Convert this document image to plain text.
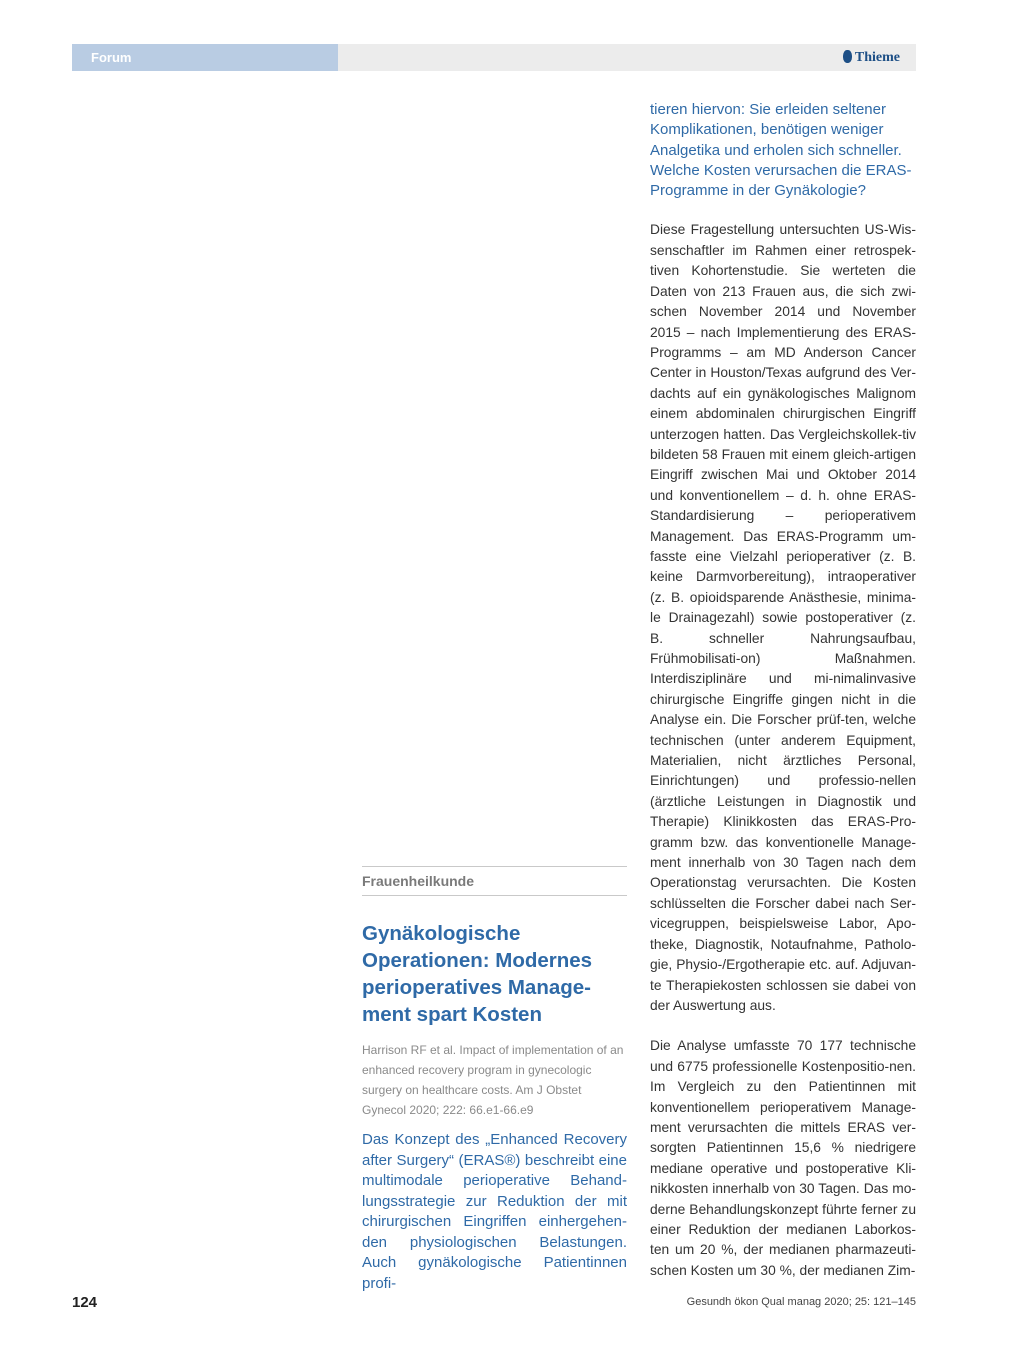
Forum	Thieme
Frauenheilkunde
Gynäkologische Operationen: Modernes perioperatives Manage-ment spart Kosten
Harrison RF et al. Impact of implementation of an enhanced recovery program in gynecologic surgery on healthcare costs. Am J Obstet Gynecol 2020; 222: 66.e1-66.e9
Das Konzept des „Enhanced Recovery after Surgery“ (ERAS®) beschreibt eine multimodale perioperative Behand-lungsstrategie zur Reduktion der mit chirurgischen Eingriffen einhergehen-den physiologischen Belastungen. Auch gynäkologische Patientinnen profi-
tieren hiervon: Sie erleiden seltener Komplikationen, benötigen weniger Analgetika und erholen sich schneller. Welche Kosten verursachen die ERAS-Programme in der Gynäkologie?
Diese Fragestellung untersuchten US-Wis-senschaftler im Rahmen einer retrospek-tiven Kohortenstudie. Sie werteten die Daten von 213 Frauen aus, die sich zwi-schen November 2014 und November 2015 – nach Implementierung des ERAS-Programms – am MD Anderson Cancer Center in Houston/Texas aufgrund des Ver-dachts auf ein gynäkologisches Malignom einem abdominalen chirurgischen Eingriff unterzogen hatten. Das Vergleichskollek-tiv bildeten 58 Frauen mit einem gleich-artigen Eingriff zwischen Mai und Oktober 2014 und konventionellem – d. h. ohne ERAS-Standardisierung – perioperativem Management. Das ERAS-Programm um-fasste eine Vielzahl perioperativer (z. B. keine Darmvorbereitung), intraoperativer (z. B. opioidsparende Anästhesie, minima-le Drainagezahl) sowie postoperativer (z. B. schneller Nahrungsaufbau, Frühmobilisati-on) Maßnahmen. Interdisziplinäre und mi-nimalinvasive chirurgische Eingriffe gingen nicht in die Analyse ein. Die Forscher prüf-ten, welche technischen (unter anderem Equipment, Materialien, nicht ärztliches Personal, Einrichtungen) und professio-nellen (ärztliche Leistungen in Diagnostik und Therapie) Klinikkosten das ERAS-Pro-gramm bzw. das konventionelle Manage-ment innerhalb von 30 Tagen nach dem Operationstag verursachten. Die Kosten schlüsselten die Forscher dabei nach Ser-vicegruppen, beispielsweise Labor, Apo-theke, Diagnostik, Notaufnahme, Patholo-gie, Physio-/Ergotherapie etc. auf. Adjuvan-te Therapiekosten schlossen sie dabei von der Auswertung aus.
Die Analyse umfasste 70 177 technische und 6775 professionelle Kostenpositio-nen. Im Vergleich zu den Patientinnen mit konventionellem perioperativem Manage-ment verursachten die mittels ERAS ver-sorgten Patientinnen 15,6 % niedrigere mediane operative und postoperative Kli-nikkosten innerhalb von 30 Tagen. Das mo-derne Behandlungskonzept führte ferner zu einer Reduktion der medianen Laborkos-ten um 20 %, der medianen pharmazeuti-schen Kosten um 30 %, der medianen Zim-
124	Gesundh ökon Qual manag 2020; 25: 121–145
